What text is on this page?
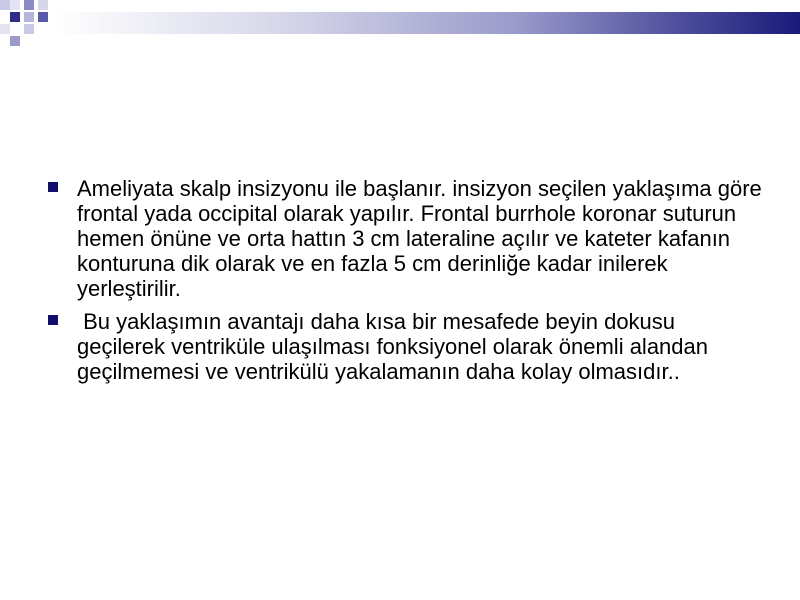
Ameliyata skalp insizyonu ile başlanır. insizyon seçilen yaklaşıma göre frontal yada occipital olarak yapılır. Frontal burrhole koronar suturun hemen önüne ve orta hattın 3 cm lateraline açılır ve kateter kafanın konturuna dik olarak ve en fazla 5 cm derinliğe kadar inilerek yerleştirilir.
Bu yaklaşımın avantajı daha kısa bir mesafede beyin dokusu geçilerek ventriküle ulaşılması fonksiyonel olarak önemli alandan geçilmemesi ve ventrikülü yakalamanın daha kolay olmasıdır..
